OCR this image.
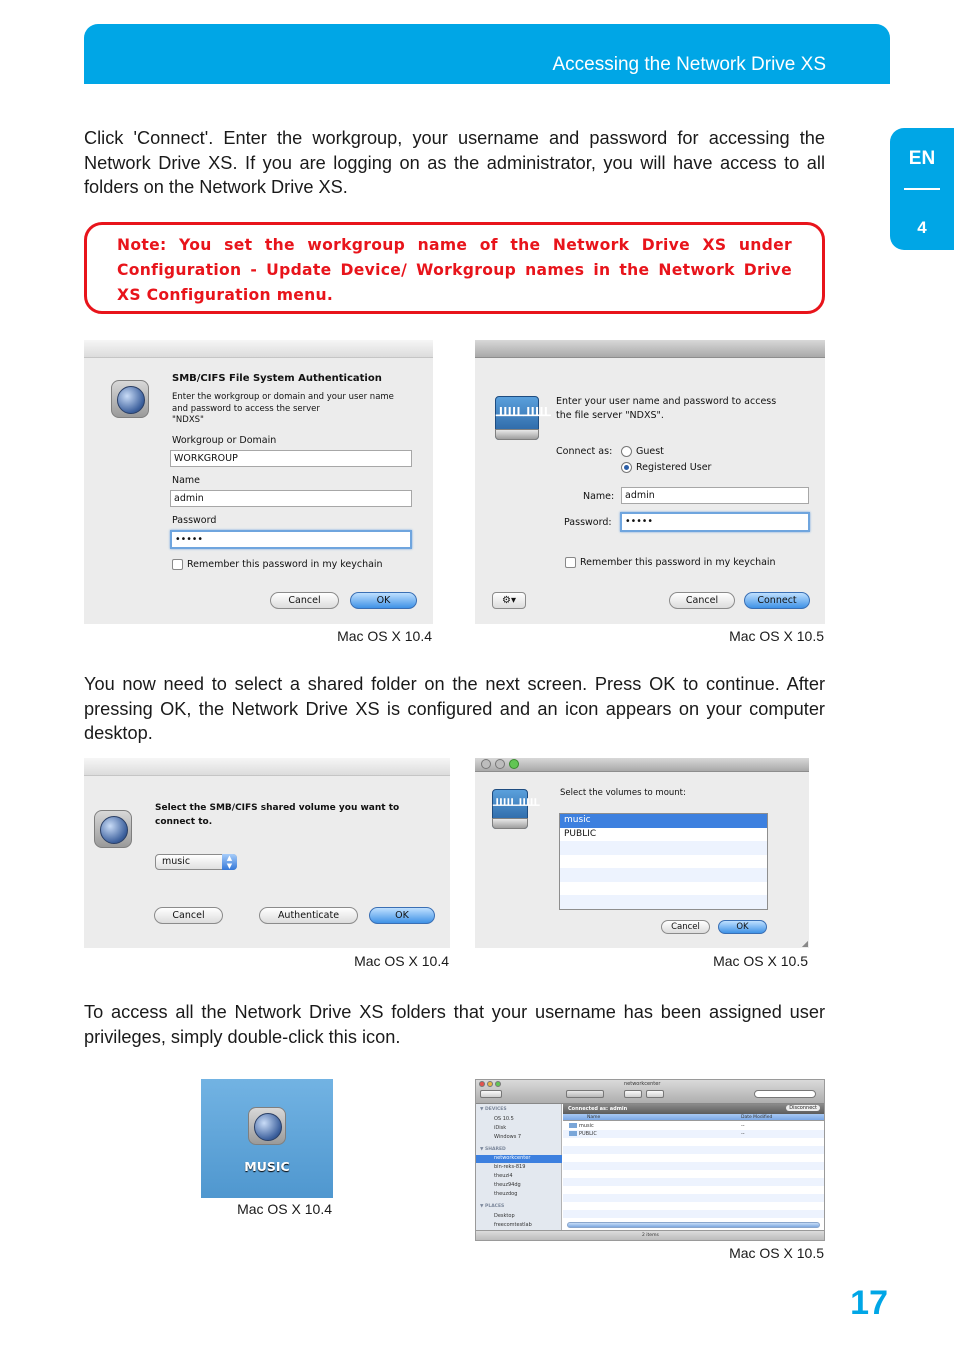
Accessing the Network Drive XS
EN
4

Click 'Connect'. Enter the workgroup, your username and password for accessing the Network Drive XS. If you are logging on as the administrator, you will have access to all folders on the Network Drive XS.

Note: You set the workgroup name of the Network Drive XS under Configuration - Update Device/ Workgroup names in the Network Drive XS Configuration menu.
SMB/CIFS File System Authentication
Enter the workgroup or domain and your user name
and password to access the server
"NDXS"
Workgroup or Domain
WORKGROUP
Name
admin
Password
•••••
Remember this password in my keychain
Cancel	OK
Mac OS X 10.4
ᚊᚊ
Enter your user name and password to access
the file server "NDXS".
Connect as: Guest
Registered User
Name:	admin
Password:	•••••
Remember this password in my keychain
⚙▾	Cancel	Connect
Mac OS X 10.5

You now need to select a shared folder on the next screen. Press OK to continue. After pressing OK, the Network Drive XS is configured and an icon appears on your computer desktop.

Select the SMB/CIFS shared volume you want to
connect to.
music	▲
▼
Cancel	Authenticate	OK
Mac OS X 10.4
ᚊᚊ
Select the volumes to mount:
music
PUBLIC
Cancel	OK
◢
Mac OS X 10.5

To access all the Network Drive XS folders that your username has been assigned user privileges, simply double-click this icon.

MUSIC
Mac OS X 10.4
networkcenter
▼ DEVICES
OS 10.5
iDisk
Windows 7
▼ SHARED
networkcenter
bin-reks-819
theuzi4
theuz94dg
theuzdog
▼ PLACES
Desktop
freecomtestlab
Connected as: admin	Disconnect
Name	Date Modified
music	--
PUBLIC	--
2 items
Mac OS X 10.5
17
